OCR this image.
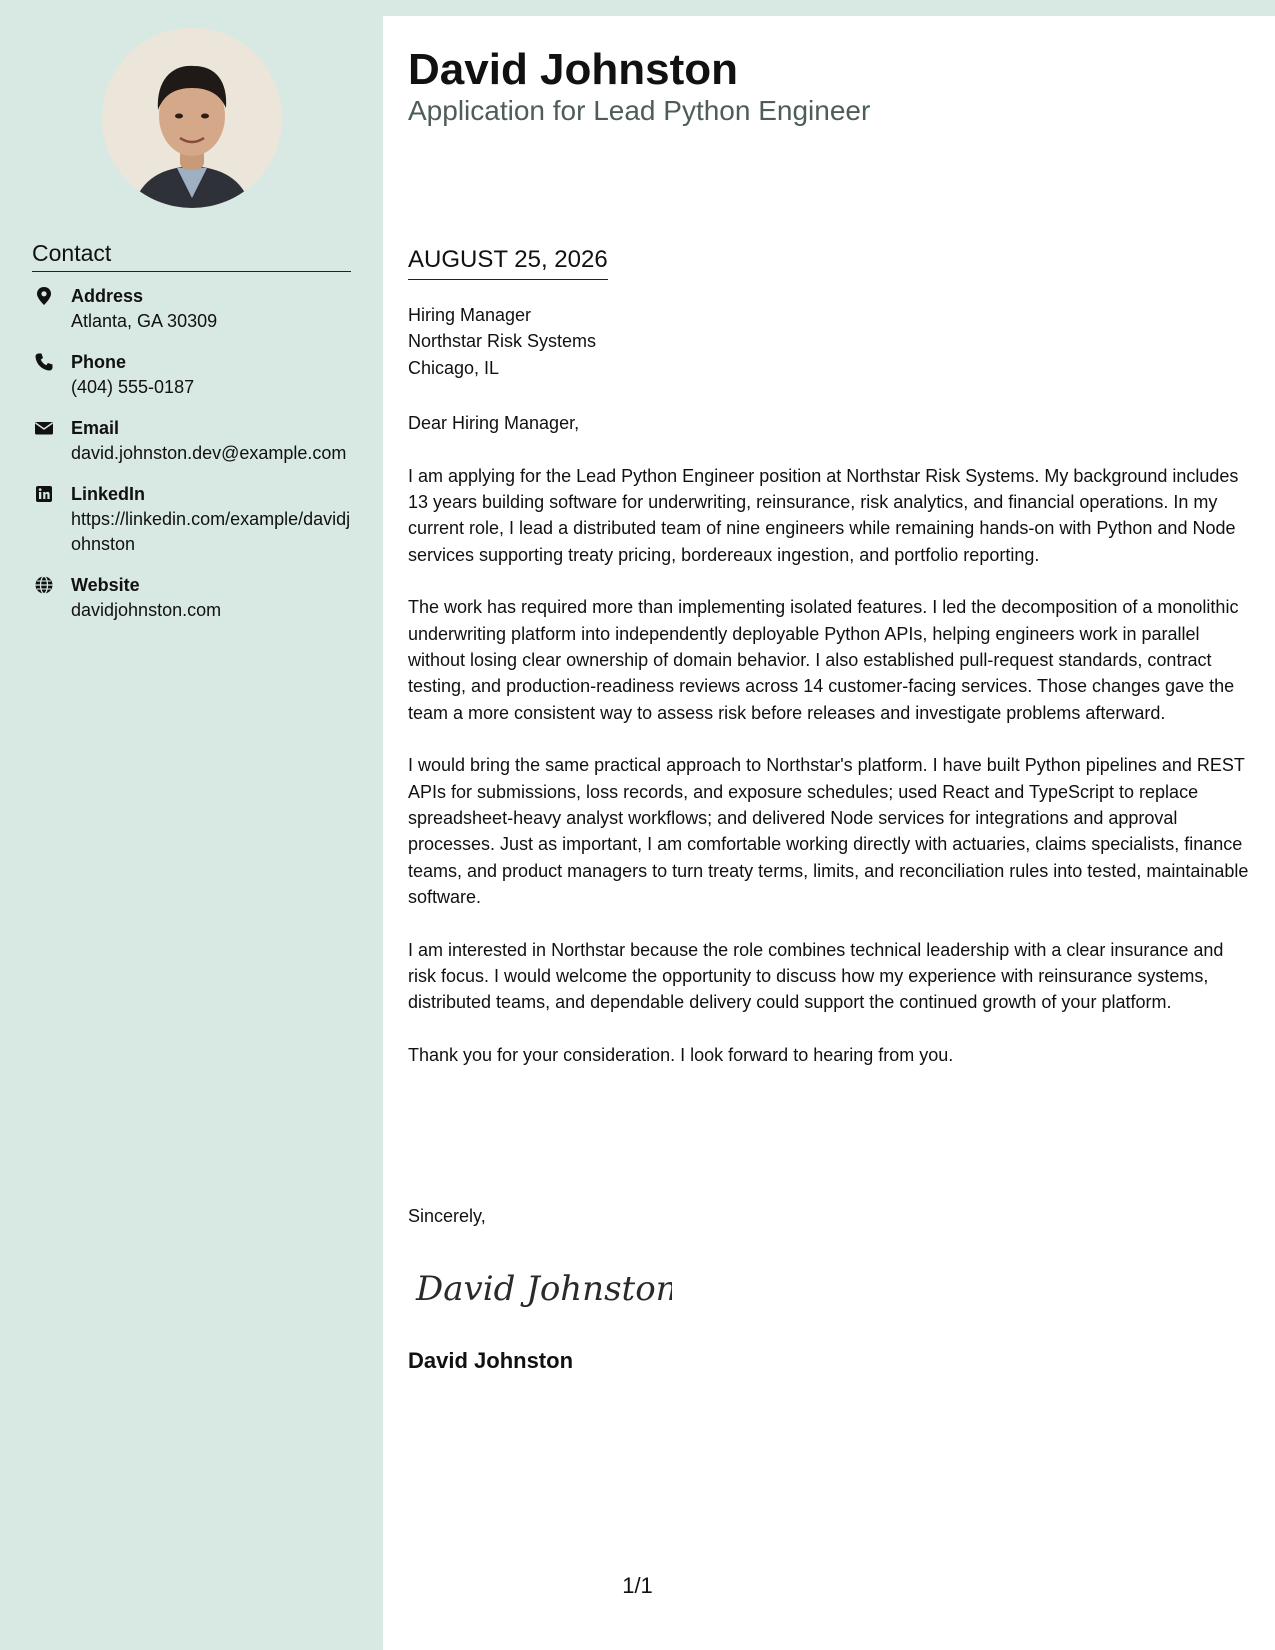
Contact
Address
Atlanta, GA 30309
Phone
(404) 555-0187
Email
david.johnston.dev@example.com
LinkedIn
https://linkedin.com/example/davidjohnston
Website
davidjohnston.com
David Johnston
Application for Lead Python Engineer
AUGUST 25, 2026
Hiring Manager
Northstar Risk Systems
Chicago, IL

Dear Hiring Manager,

I am applying for the Lead Python Engineer position at Northstar Risk Systems. My background includes 13 years building software for underwriting, reinsurance, risk analytics, and financial operations. In my current role, I lead a distributed team of nine engineers while remaining hands-on with Python and Node services supporting treaty pricing, bordereaux ingestion, and portfolio reporting.

The work has required more than implementing isolated features. I led the decomposition of a monolithic underwriting platform into independently deployable Python APIs, helping engineers work in parallel without losing clear ownership of domain behavior. I also established pull-request standards, contract testing, and production-readiness reviews across 14 customer-facing services. Those changes gave the team a more consistent way to assess risk before releases and investigate problems afterward.

I would bring the same practical approach to Northstar's platform. I have built Python pipelines and REST APIs for submissions, loss records, and exposure schedules; used React and TypeScript to replace spreadsheet-heavy analyst workflows; and delivered Node services for integrations and approval processes. Just as important, I am comfortable working directly with actuaries, claims specialists, finance teams, and product managers to turn treaty terms, limits, and reconciliation rules into tested, maintainable software.

I am interested in Northstar because the role combines technical leadership with a clear insurance and risk focus. I would welcome the opportunity to discuss how my experience with reinsurance systems, distributed teams, and dependable delivery could support the continued growth of your platform.

Thank you for your consideration. I look forward to hearing from you.

Sincerely,
David Johnston
David Johnston
1/1
